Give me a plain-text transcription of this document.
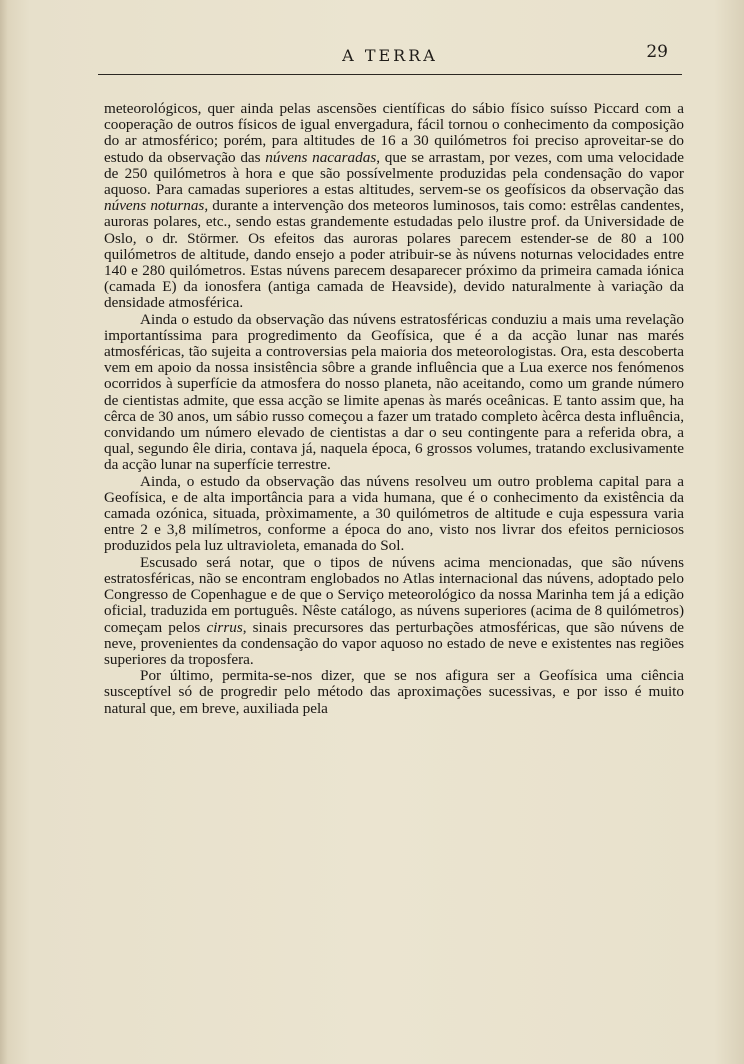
A TERRA	29

meteorológicos, quer ainda pelas ascensões científicas do sábio físico suísso Piccard com a cooperação de outros físicos de igual envergadura, fácil tornou o conhecimento da composição do ar atmosférico; porém, para altitudes de 16 a 30 quilómetros foi preciso aproveitar-se do estudo da observação das núvens nacaradas, que se arrastam, por vezes, com uma velocidade de 250 quilómetros à hora e que são possívelmente produzidas pela condensação do vapor aquoso. Para camadas superiores a estas altitudes, servem-se os geofísicos da observação das núvens noturnas, durante a intervenção dos meteoros luminosos, tais como: estrêlas candentes, auroras polares, etc., sendo estas grandemente estudadas pelo ilustre prof. da Universidade de Oslo, o dr. Störmer. Os efeitos das auroras polares parecem estender-se de 80 a 100 quilómetros de altitude, dando ensejo a poder atribuir-se às núvens noturnas velocidades entre 140 e 280 quilómetros. Estas núvens parecem desaparecer próximo da primeira camada iónica (camada E) da ionosfera (antiga camada de Heavside), devido naturalmente à variação da densidade atmosférica.

Ainda o estudo da observação das núvens estratosféricas conduziu a mais uma revelação importantíssima para progredimento da Geofísica, que é a da acção lunar nas marés atmosféricas, tão sujeita a controversias pela maioria dos meteorologistas. Ora, esta descoberta vem em apoio da nossa insistência sôbre a grande influência que a Lua exerce nos fenómenos ocorridos à superfície da atmosfera do nosso planeta, não aceitando, como um grande número de cientistas admite, que essa acção se limite apenas às marés oceânicas. E tanto assim que, ha cêrca de 30 anos, um sábio russo começou a fazer um tratado completo àcêrca desta influência, convidando um número elevado de cientistas a dar o seu contingente para a referida obra, a qual, segundo êle diria, contava já, naquela época, 6 grossos volumes, tratando exclusivamente da acção lunar na superfície terrestre.

Ainda, o estudo da observação das núvens resolveu um outro problema capital para a Geofísica, e de alta importância para a vida humana, que é o conhecimento da existência da camada ozónica, situada, pròximamente, a 30 quilómetros de altitude e cuja espessura varia entre 2 e 3,8 milímetros, conforme a época do ano, visto nos livrar dos efeitos perniciosos produzidos pela luz ultravioleta, emanada do Sol.

Escusado será notar, que o tipos de núvens acima mencionadas, que são núvens estratosféricas, não se encontram englobados no Atlas internacional das núvens, adoptado pelo Congresso de Copenhague e de que o Serviço meteorológico da nossa Marinha tem já a edição oficial, traduzida em português. Nêste catálogo, as núvens superiores (acima de 8 quilómetros) começam pelos cirrus, sinais precursores das perturbações atmosféricas, que são núvens de neve, provenientes da condensação do vapor aquoso no estado de neve e existentes nas regiões superiores da troposfera.

Por último, permita-se-nos dizer, que se nos afigura ser a Geofísica uma ciência susceptível só de progredir pelo método das aproximações sucessivas, e por isso é muito natural que, em breve, auxiliada pela
